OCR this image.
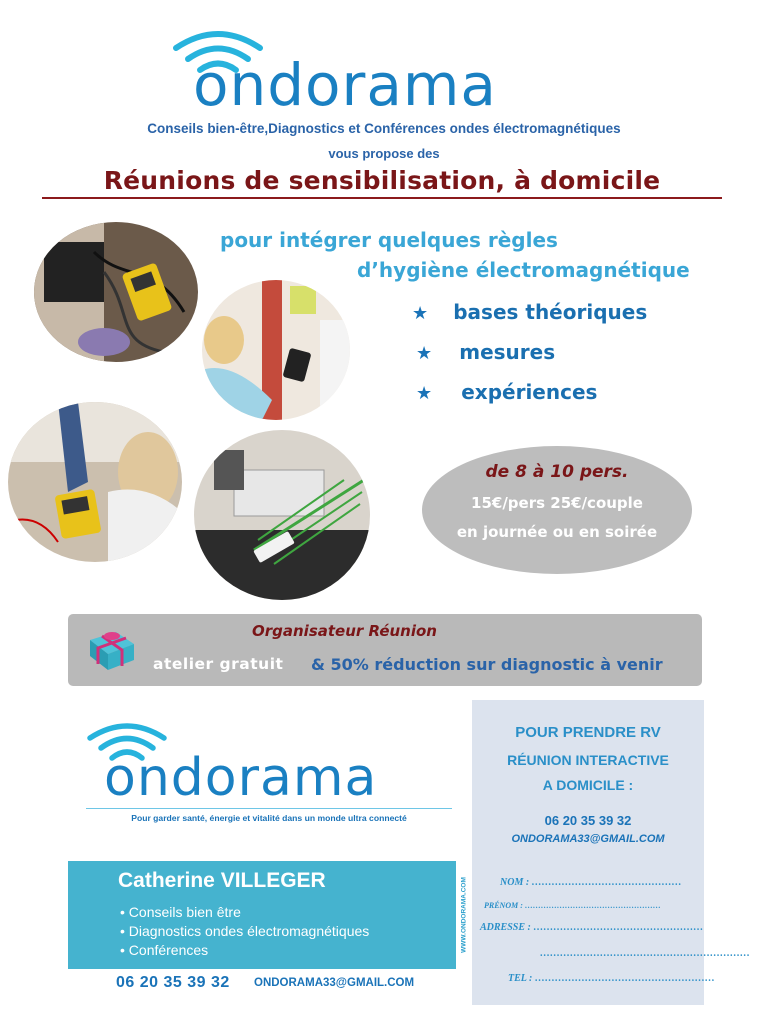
ondorama
Conseils bien-être,Diagnostics et Conférences ondes électromagnétiques
vous propose des
Réunions de sensibilisation, à domicile
pour intégrer quelques règles
d’hygiène électromagnétique
★ bases théoriques
★ mesures
★ expériences
de 8 à 10 pers.
15€/pers 25€/couple
en journée ou en soirée
Organisateur Réunion
atelier gratuit & 50% réduction sur diagnostic à venir
ondorama
Pour garder santé, énergie et vitalité dans un monde ultra connecté
Catherine VILLEGER
• Conseils bien être
• Diagnostics ondes électromagnétiques
• Conférences	WWW.ONDORAMA.COM
06 20 35 39 32 ONDORAMA33@GMAIL.COM
POUR PRENDRE RV
RÉUNION INTERACTIVE
A DOMICILE :
06 20 35 39 32
ONDORAMA33@GMAIL.COM
NOM : ………………………………………
PRÉNOM : ……………………………………………
ADRESSE : ……………………………………………
………………………………………………………
TEL : ………………………………………………
